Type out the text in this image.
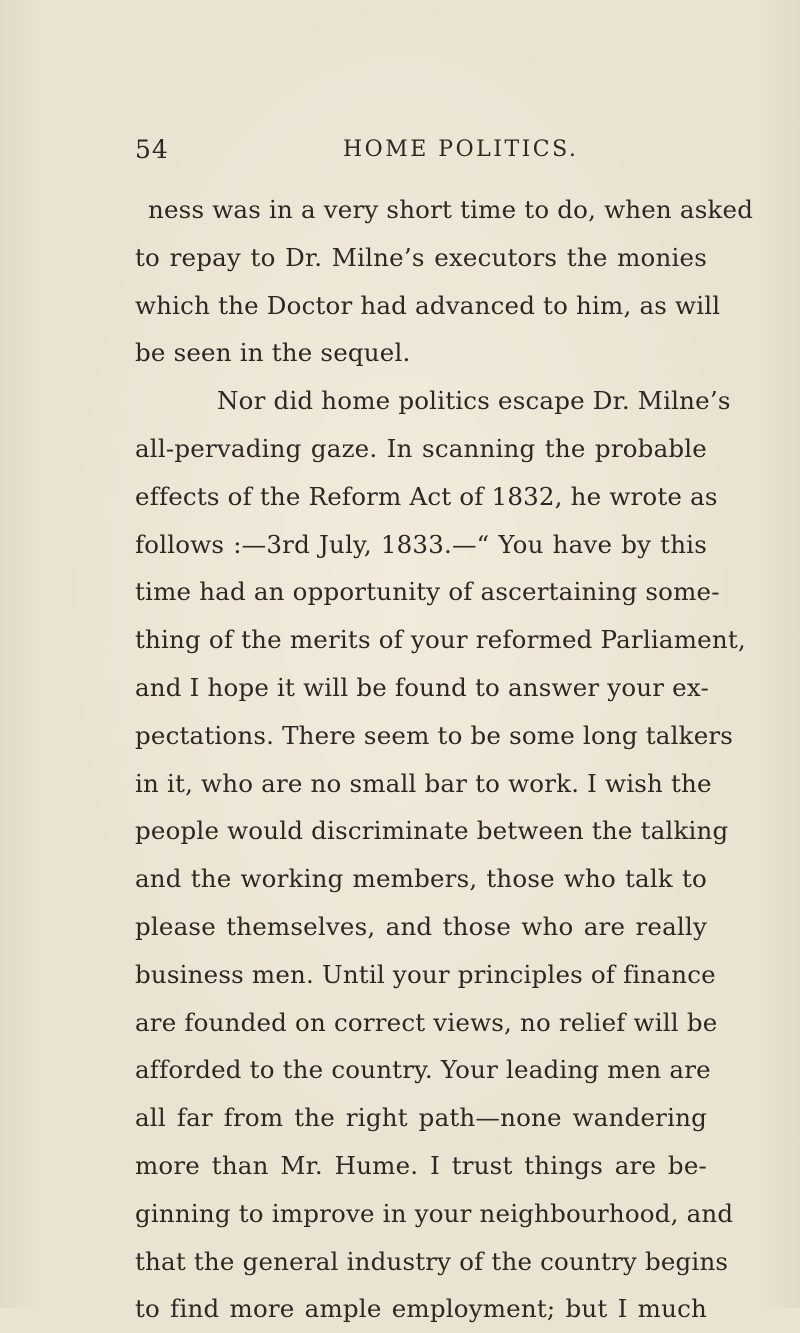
54	HOME POLITICS.
ness was in a very short time to do, when asked
to repay to Dr. Milne’s executors the monies
which the Doctor had advanced to him, as will
be seen in the sequel.
Nor did home politics escape Dr. Milne’s
all-pervading gaze. In scanning the probable
effects of the Reform Act of 1832, he wrote as
follows :—3rd July, 1833.—“ You have by this
time had an opportunity of ascertaining some-
thing of the merits of your reformed Parliament,
and I hope it will be found to answer your ex-
pectations. There seem to be some long talkers
in it, who are no small bar to work. I wish the
people would discriminate between the talking
and the working members, those who talk to
please themselves, and those who are really
business men. Until your principles of finance
are founded on correct views, no relief will be
afforded to the country. Your leading men are
all far from the right path—none wandering
more than Mr. Hume. I trust things are be-
ginning to improve in your neighbourhood, and
that the general industry of the country begins
to find more ample employment; but I much
